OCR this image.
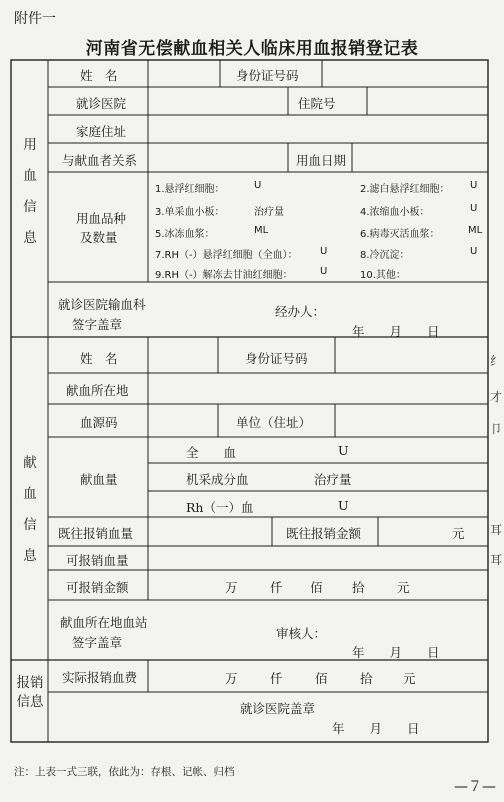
附件一
河南省无偿献血相关人临床用血报销登记表
用
血
信
息
献
血
信
息
报销
信息
姓　名	身份证号码
就诊医院	住院号
家庭住址
与献血者关系	用血日期
用血品种
及数量
1.悬浮红细胞：	U	2.滤白悬浮红细胞： U
3.单采血小板：	治疗量	4.浓缩血小板：	U
5.冰冻血浆：	ML	6.病毒灭活血浆：	ML
7.RH（-）悬浮红细胞（全血）： U	8.冷沉淀：	U
9.RH（-）解冻去甘油红细胞：	U	10.其他：
就诊医院输血科
签字盖章
经办人：
年　　月　　日
姓　名	身份证号码
献血所在地
血源码	单位（住址）
献血量
全　　血	U
机采成分血	治疗量
Rh（一）血	U
既往报销血量	既往报销金额	元
可报销血量
可报销金额	万	仟 佰 拾	元
献血所在地血站
签字盖章
审核人：
年　　月　　日
实际报销血费	万	仟	佰	拾 元
就诊医院盖章
年　　月　　日
纟
才
卩
耳
耳
注：上表一式三联，依此为：存根、记帐、归档
—７—
